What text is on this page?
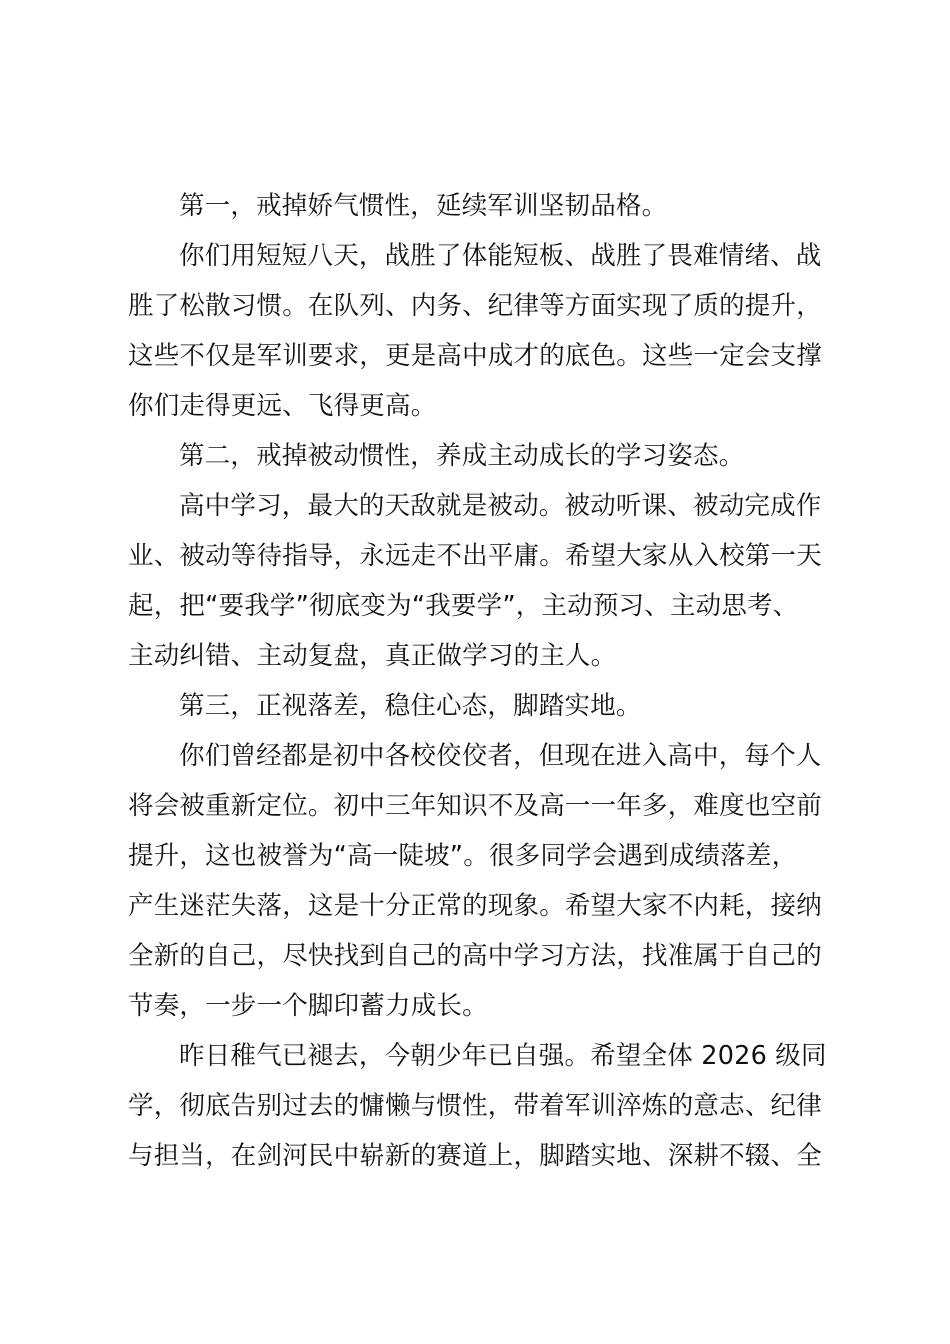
第一，戒掉娇气惯性，延续军训坚韧品格。

你们用短短八天，战胜了体能短板、战胜了畏难情绪、战
胜了松散习惯。在队列、内务、纪律等方面实现了质的提升，
这些不仅是军训要求，更是高中成才的底色。这些一定会支撑
你们走得更远、飞得更高。

第二，戒掉被动惯性，养成主动成长的学习姿态。

高中学习，最大的天敌就是被动。被动听课、被动完成作
业、被动等待指导，永远走不出平庸。希望大家从入校第一天
起，把“要我学”彻底变为“我要学”，主动预习、主动思考、
主动纠错、主动复盘，真正做学习的主人。

第三，正视落差，稳住心态，脚踏实地。

你们曾经都是初中各校佼佼者，但现在进入高中，每个人
将会被重新定位。初中三年知识不及高一一年多，难度也空前
提升，这也被誉为“高一陡坡”。很多同学会遇到成绩落差，
产生迷茫失落，这是十分正常的现象。希望大家不内耗，接纳
全新的自己，尽快找到自己的高中学习方法，找准属于自己的
节奏，一步一个脚印蓄力成长。

昨日稚气已褪去，今朝少年已自强。希望全体 2026 级同
学，彻底告别过去的慵懒与惯性，带着军训淬炼的意志、纪律
与担当，在剑河民中崭新的赛道上，脚踏实地、深耕不辍、全
